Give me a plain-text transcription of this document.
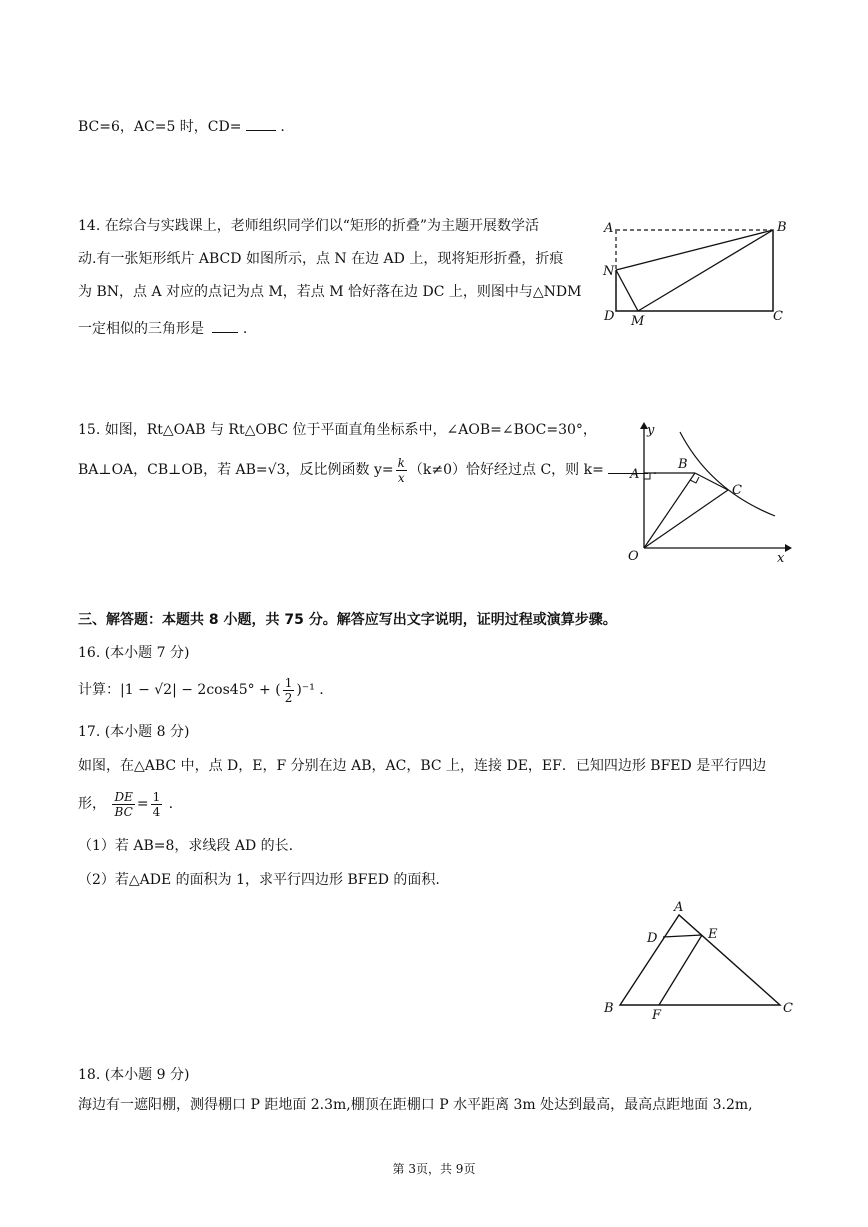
BC=6，AC=5 时，CD=  .
14. 在综合与实践课上，老师组织同学们以“矩形的折叠”为主题开展数学活
动.有一张矩形纸片 ABCD 如图所示，点 N 在边 AD 上，现将矩形折叠，折痕
为 BN，点 A 对应的点记为点 M，若点 M 恰好落在边 DC 上，则图中与△NDM
一定相似的三角形是  .
A	B
C
D
N
M
15. 如图，Rt△OAB 与 Rt△OBC 位于平面直角坐标系中，∠AOB=∠BOC=30°，
BA⊥OA，CB⊥OB，若 AB=√3，反比例函数 $y= \frac{k}{x} (k\ne 0)$恰好经过点 C，则 k=	.
y
x
A
B
C
O
三、解答题：本题共 8 小题，共 75 分。解答应写出文字说明，证明过程或演算步骤。
16. (本小题 7 分)
计算：|1 − √2| − 2cos45° + ( $\frac{1}{2} )^{-1}$ .
17. (本小题 8 分)
如图，在△ABC 中，点 D，E，F 分别在边 AB，AC，BC 上，连接 DE，EF．已知四边形 BFED 是平行四边
形， $\frac{DE}{BC} = \frac{1}{4}$ .
（1）若 AB=8，求线段 AD 的长.
（2）若△ADE 的面积为 1，求平行四边形 BFED 的面积.
A
B	C
D	E
F
18. (本小题 9 分)
海边有一遮阳棚，测得棚口 P 距地面 2.3m,棚顶在距棚口 P 水平距离 3m 处达到最高，最高点距地面 3.2m,
第 3页，共 9页
